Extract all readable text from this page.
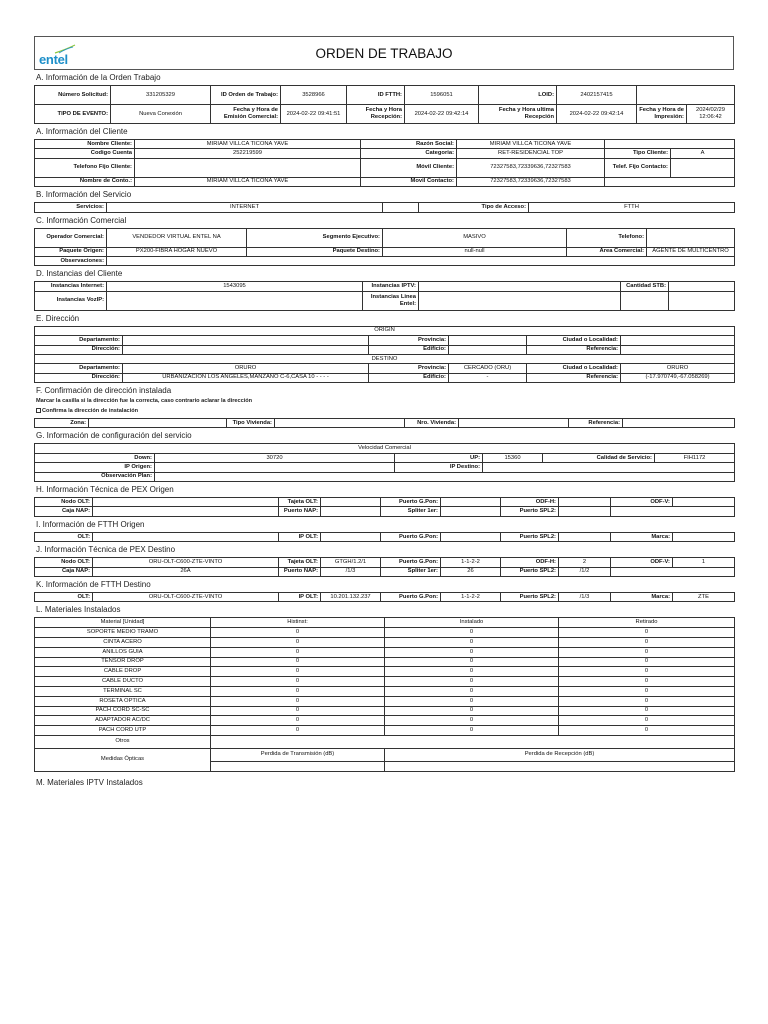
entel	ORDEN DE TRABAJO
A. Información de la Orden Trabajo
Número Solicitud:	331205329	ID Orden de Trabajo:	3528966	ID FTTH:	1596051	LOID:	2402157415		
TIPO DE EVENTO:	Nueva Conexión	Fecha y Hora de Emisión Comercial:	2024-02-22 09:41:51	Fecha y Hora Recepción:	2024-02-22 09:42:14	Fecha y Hora ultima Recepción	2024-02-22 09:42:14	Fecha y Hora de Impresión:	2024/02/29 12:06:42
A. Información del Cliente
Nombre Cliente:	MIRIAM VILLCA TICONA YAVE	Razón Social:	MIRIAM VILLCA TICONA YAVE		
Codigo Cuenta	252219599	Categoria:	RET-RESIDENCIAL TOP	Tipo Cliente:	A
Telefono Fijo Cliente:		Móvil Cliente:	72327583,72339636,72327583	Telef. Fijo Contacto:	
Nombre de Conto.:	MIRIAM VILLCA TICONA YAVE	Movil Contacto:	72327583,72339636,72327583		
B. Información del Servicio
Servicios:	INTERNET		Tipo de Acceso:	FTTH
C. Información Comercial
Operador Comercial:	VENDEDOR VIRTUAL ENTEL NA	Segmento Ejecutivo:	MASIVO	Telefono:	
Paquete Origen:	PX200-FIBRA HOGAR NUEVO	Paquete Destino:	null-null	Área Comercial:	AGENTE DE MULTICENTRO
Observaciones:					
D. Instancias del Cliente
Instancias Internet:	1543095	Instancias IPTV:		Cantidad STB:	
Instancias VozIP:		Instancias Linea Entel:			
E. Dirección
ORIGIN					
Departamento:		Provincia:		Ciudad o Localidad:	
Dirección:		Edificio:		Referencia:	
DESTINO					
Departamento:	ORURO	Provincia:	CERCADO (ORU)	Ciudad o Localidad:	ORURO
Dirección:	URBANIZACION LOS ANGELES,MANZANO C-6,CASA 10 - - - -	Edificio:	-	Referencia:	(-17.970749,-67.058269)
F. Confirmación de dirección instalada
Marcar la casilla si la dirección fue la correcta, caso contrario aclarar la dirección
Confirma la dirección de instalación
Zona:		Tipo Vivienda:		Nro. Vivienda:		Referencia:	
G. Información de configuración del servicio
Velocidad Comercial					
Down:	30720	UP:	15360	Calidad de Servicio:	FIH1172
IP Origen:		IP Destino:			
Observación Plan:					
H. Información Técnica de PEX Origen
Nodo OLT:		Tajeta OLT:		Puerto G.Pon:		ODF-H:		ODF-V:	
Caja NAP:		Puerto NAP:		Spliter 1er:		Puerto SPL2:			
I. Información de FTTH Origen
OLT:		IP OLT:		Puerto G.Pon:		Puerto SPL2:		Marca:	
J. Información Técnica de PEX Destino
Nodo OLT:	ORU-OLT-C600-ZTE-VINTO	Tajeta OLT:	GTGH/1.2/1	Puerto G.Pon:	1-1-2-2	ODF-H:	2	ODF-V:	1
Caja NAP:	26A	Puerto NAP:	/1/3	Spliter 1er:	26	Puerto SPL2:	/1/2		
K. Información de FTTH Destino
OLT:	ORU-OLT-C600-ZTE-VINTO	IP OLT:	10.201.132.237	Puerto G.Pon:	1-1-2-2	Puerto SPL2:	/1/3	Marca:	ZTE
L. Materiales Instalados
Material [Unidad]	Histinst:	Instalado	Retirado
SOPORTE MEDIO TRAMO	0	0	0
CINTA ACERO	0	0	0
ANILLOS GUIA	0	0	0
TENSOR DROP	0	0	0
CABLE DROP	0	0	0
CABLE DUCTO	0	0	0
TERMINAL SC	0	0	0
ROSETA OPTICA	0	0	0
PACH CORD SC-SC	0	0	0
ADAPTADOR AC/DC	0	0	0
PACH CORD UTP	0	0	0
Otros			
Medidas Ópticas	Perdida de Transmisión (dB)	Perdida de Recepción (dB)	

M. Materiales IPTV Instalados
